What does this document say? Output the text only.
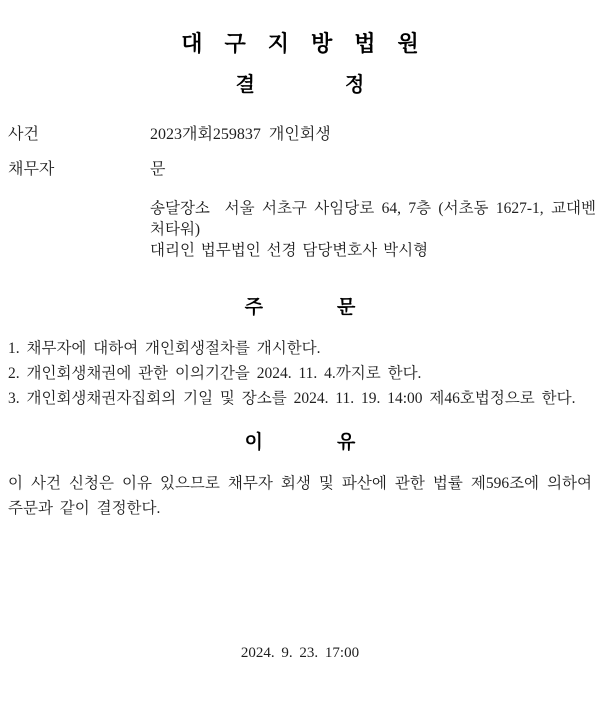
대구지방법원
결정
사건	2023개회259837  개인회생
채무자	문

송달장소  서울 서초구 사임당로 64, 7층 (서초동 1627-1, 교대벤처타워)

대리인 법무법인 선경 담당변호사 박시형

주문
1. 채무자에 대하여 개인회생절차를 개시한다.
2. 개인회생채권에 관한 이의기간을 2024. 11. 4.까지로 한다.
3. 개인회생채권자집회의 기일 및 장소를 2024. 11. 19. 14:00 제46호법정으로 한다.
이유

이 사건 신청은 이유 있으므로 채무자 회생 및 파산에 관한 법률 제596조에 의하여 주문과 같이 결정한다.

2024. 9. 23. 17:00
